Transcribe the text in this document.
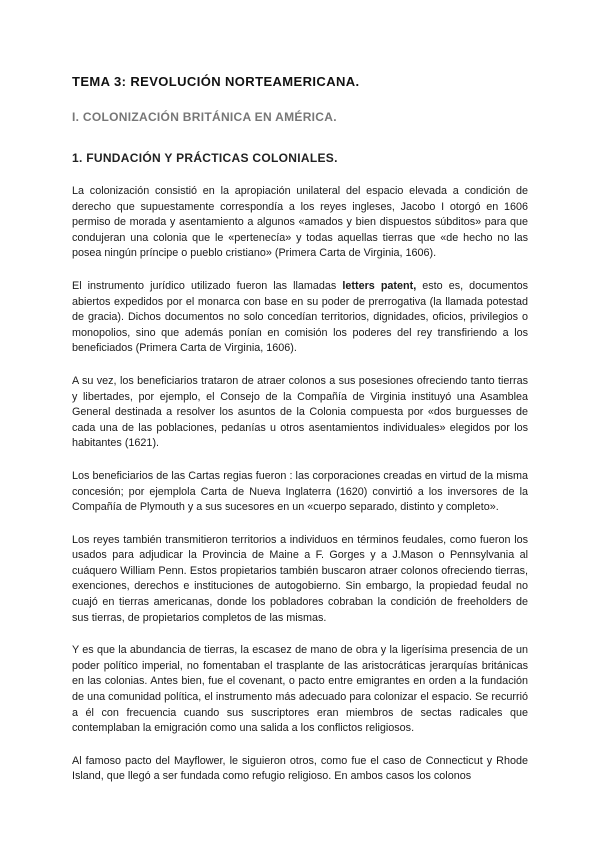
TEMA 3: REVOLUCIÓN NORTEAMERICANA.
I. COLONIZACIÓN BRITÁNICA EN AMÉRICA.
1. FUNDACIÓN Y PRÁCTICAS COLONIALES.

La colonización consistió en la apropiación unilateral del espacio elevada a condición de derecho que supuestamente correspondía a los reyes ingleses, Jacobo I otorgó en 1606 permiso de morada y asentamiento a algunos «amados y bien dispuestos súbditos» para que condujeran una colonia que le «pertenecía» y todas aquellas tierras que «de hecho no las posea ningún príncipe o pueblo cristiano» (Primera Carta de Virginia, 1606).

El instrumento jurídico utilizado fueron las llamadas letters patent, esto es, documentos abiertos expedidos por el monarca con base en su poder de prerrogativa (la llamada potestad de gracia). Dichos documentos no solo concedían territorios, dignidades, oficios, privilegios o monopolios, sino que además ponían en comisión los poderes del rey transfiriendo a los beneficiados (Primera Carta de Virginia, 1606).

A su vez, los beneficiarios trataron de atraer colonos a sus posesiones ofreciendo tanto tierras y libertades, por ejemplo, el Consejo de la Compañía de Virginia instituyó una Asamblea General destinada a resolver los asuntos de la Colonia compuesta por «dos burguesses de cada una de las poblaciones, pedanías u otros asentamientos individuales» elegidos por los habitantes (1621).

Los beneficiarios de las Cartas regias fueron : las corporaciones creadas en virtud de la misma concesión; por ejemplola Carta de Nueva Inglaterra (1620) convirtió a los inversores de la Compañía de Plymouth y a sus sucesores en un «cuerpo separado, distinto y completo».

Los reyes también transmitieron territorios a individuos en términos feudales, como fueron los usados para adjudicar la Provincia de Maine a F. Gorges y a J.Mason o Pennsylvania al cuáquero William Penn. Estos propietarios también buscaron atraer colonos ofreciendo tierras, exenciones, derechos e instituciones de autogobierno. Sin embargo, la propiedad feudal no cuajó en tierras americanas, donde los pobladores cobraban la condición de freeholders de sus tierras, de propietarios completos de las mismas.

Y es que la abundancia de tierras, la escasez de mano de obra y la ligerísima presencia de un poder político imperial, no fomentaban el trasplante de las aristocráticas jerarquías británicas en las colonias. Antes bien, fue el covenant, o pacto entre emigrantes en orden a la fundación de una comunidad política, el instrumento más adecuado para colonizar el espacio. Se recurrió a él con frecuencia cuando sus suscriptores eran miembros de sectas radicales que contemplaban la emigración como una salida a los conflictos religiosos.

Al famoso pacto del Mayflower, le siguieron otros, como fue el caso de Connecticut y Rhode Island, que llegó a ser fundada como refugio religioso. En ambos casos los colonos
